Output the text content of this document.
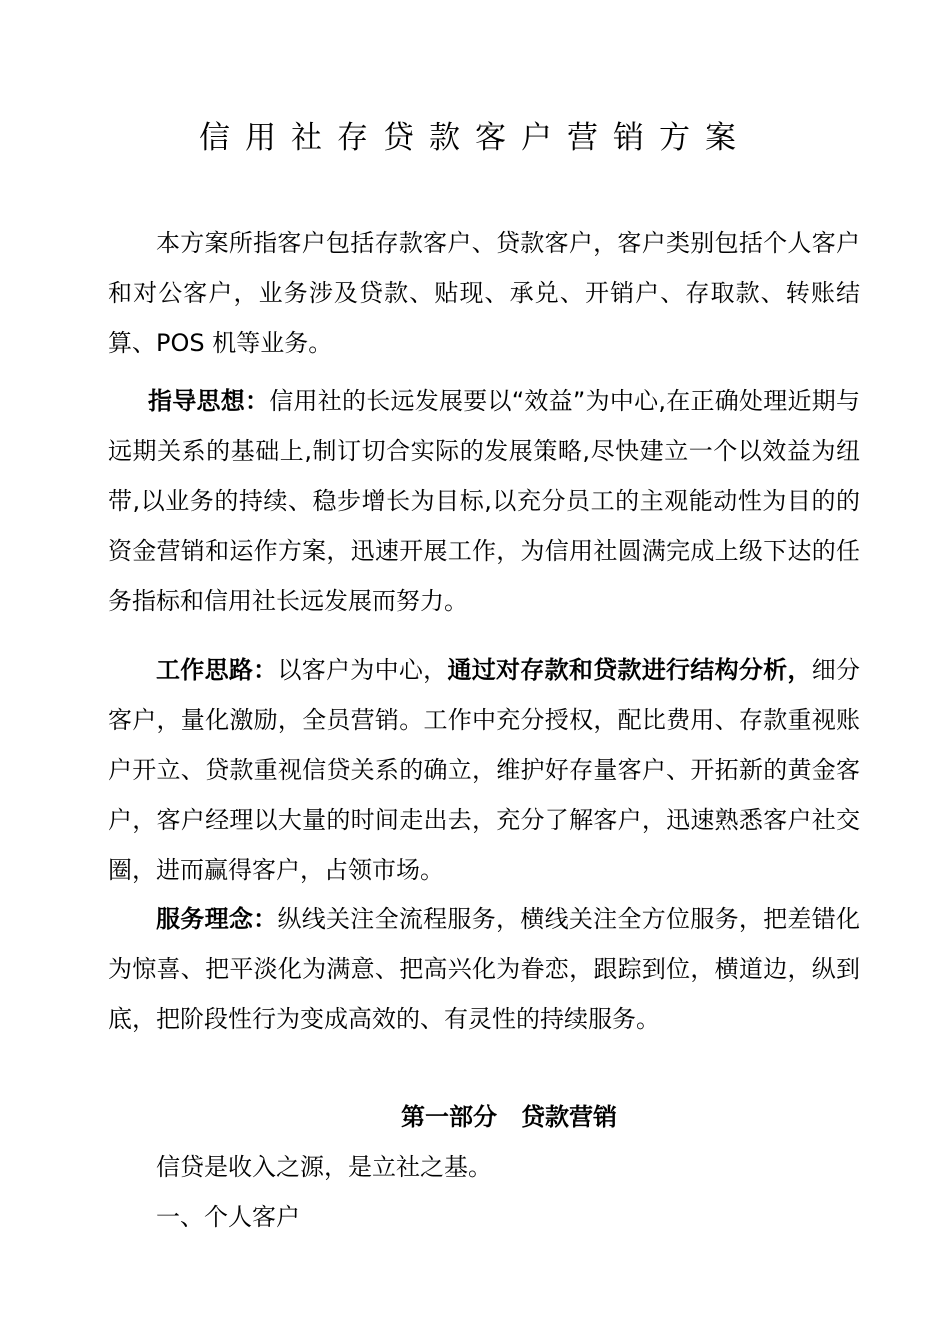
信用社存贷款客户营销方案

本方案所指客户包括存款客户、贷款客户，客户类别包括个人客户和对公客户，业务涉及贷款、贴现、承兑、开销户、存取款、转账结算、POS 机等业务。

指导思想：信用社的长远发展要以“效益”为中心,在正确处理近期与远期关系的基础上,制订切合实际的发展策略,尽快建立一个以效益为纽带,以业务的持续、稳步增长为目标,以充分员工的主观能动性为目的的资金营销和运作方案，迅速开展工作，为信用社圆满完成上级下达的任务指标和信用社长远发展而努力。

工作思路：以客户为中心，通过对存款和贷款进行结构分析，细分客户，量化激励，全员营销。工作中充分授权，配比费用、存款重视账户开立、贷款重视信贷关系的确立，维护好存量客户、开拓新的黄金客户，客户经理以大量的时间走出去，充分了解客户，迅速熟悉客户社交圈，进而赢得客户，占领市场。

服务理念：纵线关注全流程服务，横线关注全方位服务，把差错化为惊喜、把平淡化为满意、把高兴化为眷恋，跟踪到位，横道边，纵到底，把阶段性行为变成高效的、有灵性的持续服务。

第一部分　贷款营销
信贷是收入之源，是立社之基。
一、个人客户
